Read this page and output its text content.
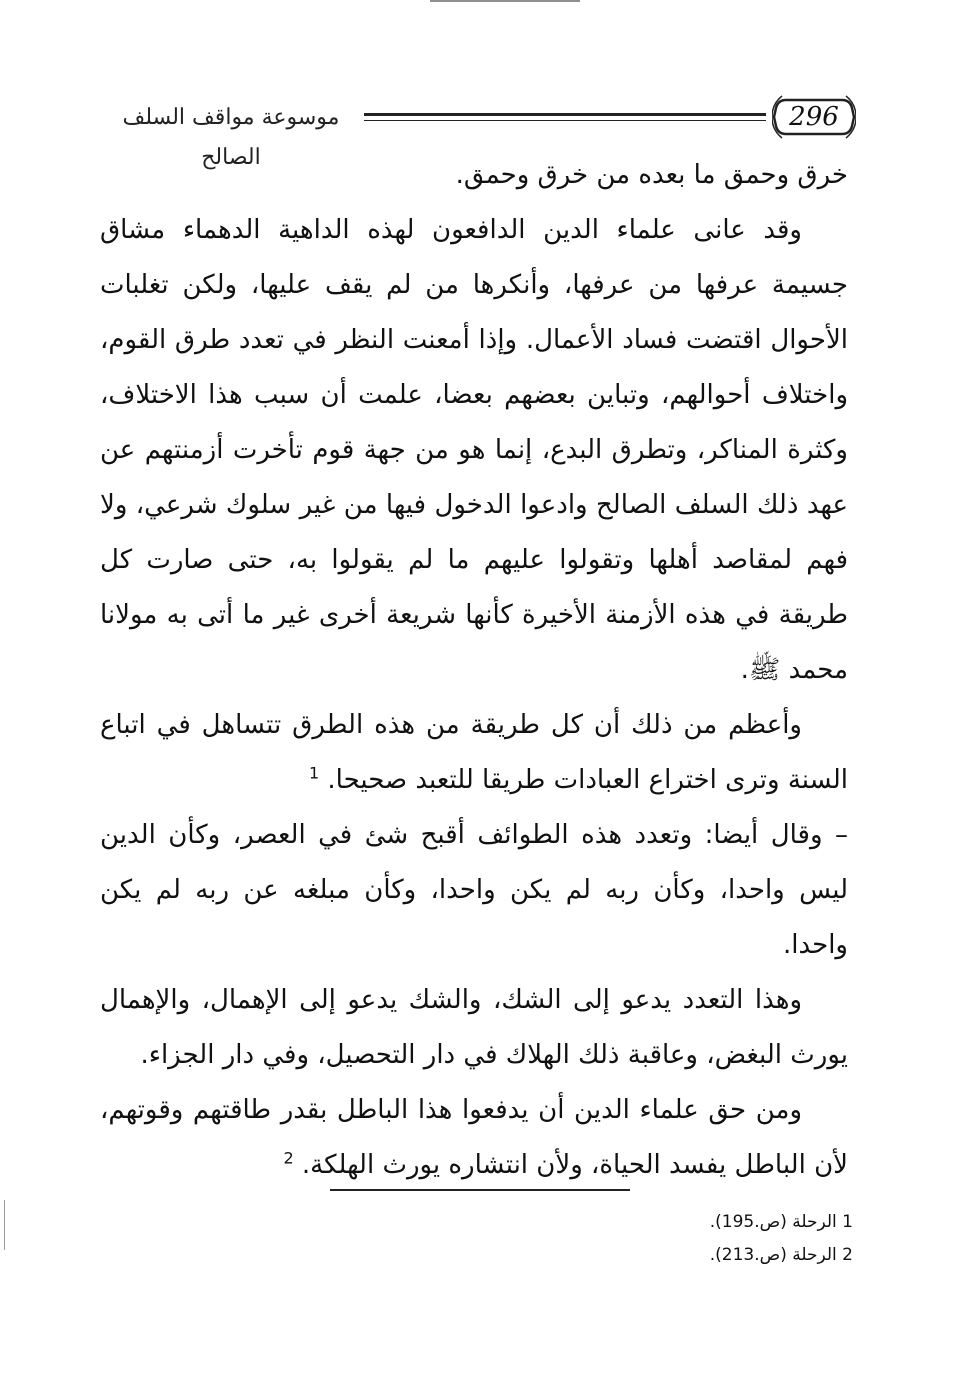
موسوعة مواقف السلف الصالح
296

خرق وحمق ما بعده من خرق وحمق.

وقد عانى علماء الدين الدافعون لهذه الداهية الدهماء مشاق جسيمة عرفها من عرفها، وأنكرها من لم يقف عليها، ولكن تغلبات الأحوال اقتضت فساد الأعمال. وإذا أمعنت النظر في تعدد طرق القوم، واختلاف أحوالهم، وتباين بعضهم بعضا، علمت أن سبب هذا الاختلاف، وكثرة المناكر، وتطرق البدع، إنما هو من جهة قوم تأخرت أزمنتهم عن عهد ذلك السلف الصالح وادعوا الدخول فيها من غير سلوك شرعي، ولا فهم لمقاصد أهلها وتقولوا عليهم ما لم يقولوا به، حتى صارت كل طريقة في هذه الأزمنة الأخيرة كأنها شريعة أخرى غير ما أتى به مولانا محمد ﷺ.

وأعظم من ذلك أن كل طريقة من هذه الطرق تتساهل في اتباع السنة وترى اختراع العبادات طريقا للتعبد صحيحا. $^1$

– وقال أيضا: وتعدد هذه الطوائف أقبح شئ في العصر، وكأن الدين ليس واحدا، وكأن ربه لم يكن واحدا، وكأن مبلغه عن ربه لم يكن واحدا.

وهذا التعدد يدعو إلى الشك، والشك يدعو إلى الإهمال، والإهمال يورث البغض، وعاقبة ذلك الهلاك في دار التحصيل، وفي دار الجزاء.

ومن حق علماء الدين أن يدفعوا هذا الباطل بقدر طاقتهم وقوتهم، لأن الباطل يفسد الحياة، ولأن انتشاره يورث الهلكة. $^2$

1 الرحلة (ص.195).
2 الرحلة (ص.213).
